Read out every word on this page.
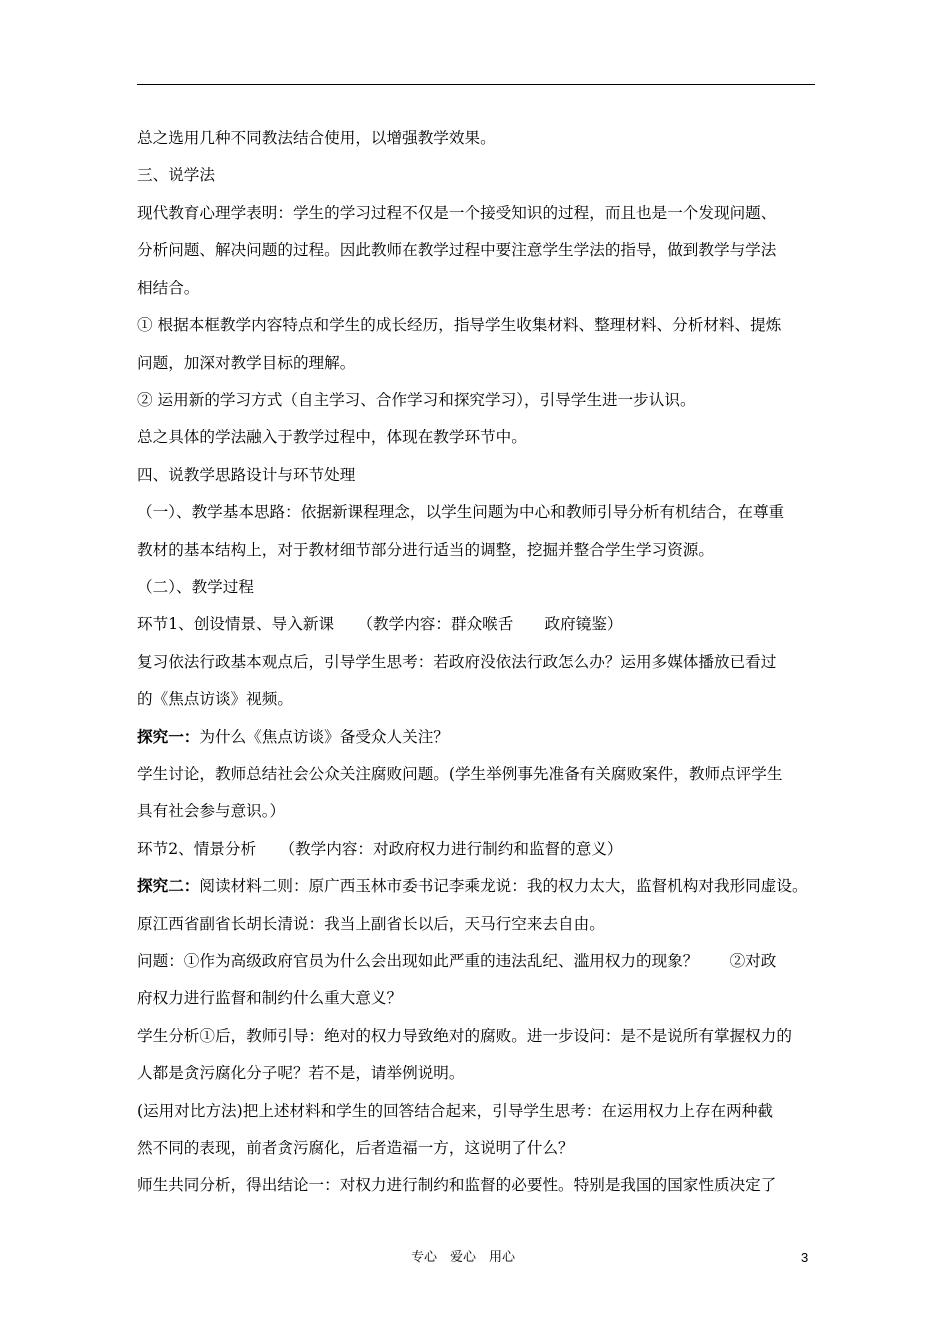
总之选用几种不同教法结合使用，以增强教学效果。
三、说学法
现代教育心理学表明：学生的学习过程不仅是一个接受知识的过程，而且也是一个发现问题、
分析问题、解决问题的过程。因此教师在教学过程中要注意学生学法的指导，做到教学与学法
相结合。
① 根据本框教学内容特点和学生的成长经历，指导学生收集材料、整理材料、分析材料、提炼
问题，加深对教学目标的理解。
② 运用新的学习方式（自主学习、合作学习和探究学习），引导学生进一步认识。
总之具体的学法融入于教学过程中，体现在教学环节中。
四、说教学思路设计与环节处理
（一）、教学基本思路：依据新课程理念，以学生问题为中心和教师引导分析有机结合，在尊重
教材的基本结构上，对于教材细节部分进行适当的调整，挖掘并整合学生学习资源。
（二）、教学过程
环节1、创设情景、导入新课　　（教学内容：群众喉舌　　政府镜鉴）
复习依法行政基本观点后，引导学生思考：若政府没依法行政怎么办？运用多媒体播放已看过
的《焦点访谈》视频。
探究一：为什么《焦点访谈》备受众人关注？
学生讨论，教师总结社会公众关注腐败问题。(学生举例事先准备有关腐败案件，教师点评学生
具有社会参与意识。）
环节2、情景分析　　（教学内容：对政府权力进行制约和监督的意义）
探究二：阅读材料二则：原广西玉林市委书记李乘龙说：我的权力太大，监督机构对我形同虚设。
原江西省副省长胡长清说：我当上副省长以后，天马行空来去自由。
问题：①作为高级政府官员为什么会出现如此严重的违法乱纪、滥用权力的现象？　　②对政
府权力进行监督和制约什么重大意义？
学生分析①后，教师引导：绝对的权力导致绝对的腐败。进一步设问：是不是说所有掌握权力的
人都是贪污腐化分子呢？若不是，请举例说明。
(运用对比方法)把上述材料和学生的回答结合起来，引导学生思考：在运用权力上存在两种截
然不同的表现，前者贪污腐化，后者造福一方，这说明了什么？
师生共同分析，得出结论一：对权力进行制约和监督的必要性。特别是我国的国家性质决定了
专心　爱心　用心	3
